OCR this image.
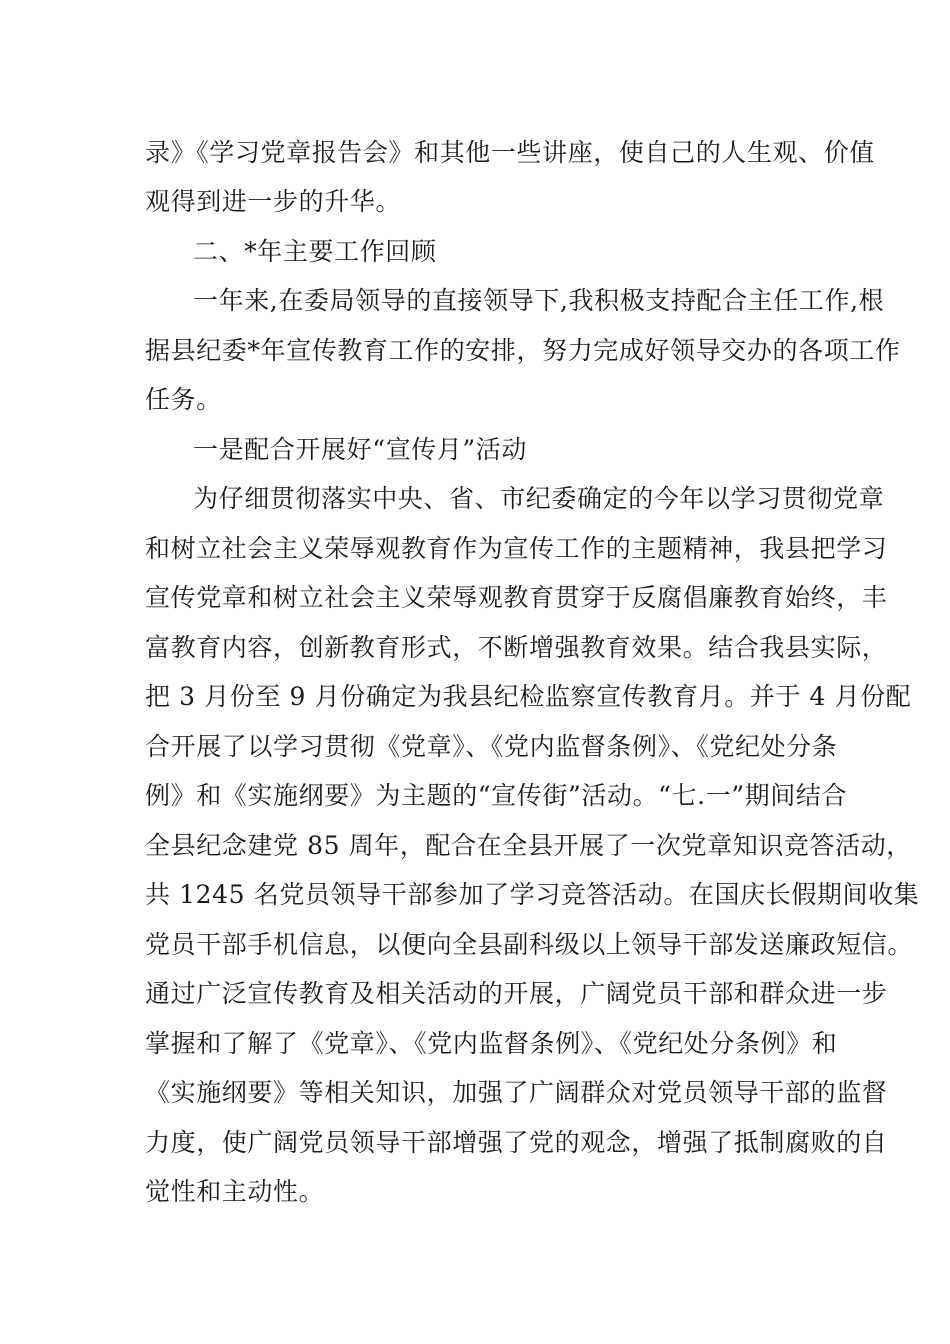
录》《学习党章报告会》和其他一些讲座，使自己的人生观、价值
观得到进一步的升华。
二、*年主要工作回顾
一年来,在委局领导的直接领导下,我积极支持配合主任工作,根
据县纪委*年宣传教育工作的安排，努力完成好领导交办的各项工作
任务。
一是配合开展好“宣传月”活动
为仔细贯彻落实中央、省、市纪委确定的今年以学习贯彻党章
和树立社会主义荣辱观教育作为宣传工作的主题精神，我县把学习
宣传党章和树立社会主义荣辱观教育贯穿于反腐倡廉教育始终，丰
富教育内容，创新教育形式，不断增强教育效果。结合我县实际，
把 3 月份至 9 月份确定为我县纪检监察宣传教育月。并于 4 月份配
合开展了以学习贯彻《党章》、《党内监督条例》、《党纪处分条
例》和《实施纲要》为主题的“宣传街”活动。“七.一”期间结合
全县纪念建党 85 周年，配合在全县开展了一次党章知识竞答活动，
共 1245 名党员领导干部参加了学习竞答活动。在国庆长假期间收集
党员干部手机信息，以便向全县副科级以上领导干部发送廉政短信。
通过广泛宣传教育及相关活动的开展，广阔党员干部和群众进一步
掌握和了解了《党章》、《党内监督条例》、《党纪处分条例》和
《实施纲要》等相关知识，加强了广阔群众对党员领导干部的监督
力度，使广阔党员领导干部增强了党的观念，增强了抵制腐败的自
觉性和主动性。
